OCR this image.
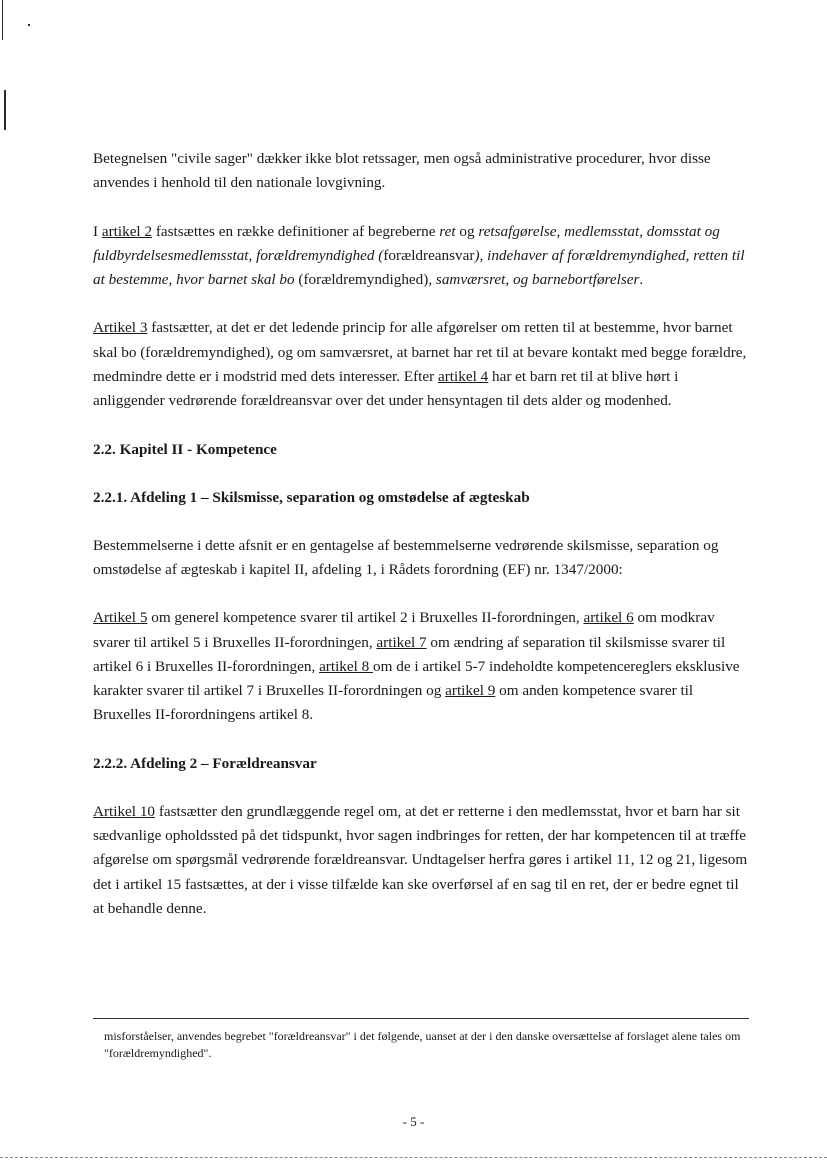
Betegnelsen "civile sager" dækker ikke blot retssager, men også administrative procedurer, hvor disse anvendes i henhold til den nationale lovgivning.

I artikel 2 fastsættes en række definitioner af begreberne ret og retsafgørelse, medlemsstat, domsstat og fuldbyrdelsesmedlemsstat, forældremyndighed (forældreansvar), indehaver af forældremyndighed, retten til at bestemme, hvor barnet skal bo (forældremyndighed), samværsret, og barnebortførelser.

Artikel 3 fastsætter, at det er det ledende princip for alle afgørelser om retten til at bestemme, hvor barnet skal bo (forældremyndighed), og om samværsret, at barnet har ret til at bevare kontakt med begge forældre, medmindre dette er i modstrid med dets interesser. Efter artikel 4 har et barn ret til at blive hørt i anliggender vedrørende forældreansvar over det under hensyntagen til dets alder og modenhed.

2.2. Kapitel II - Kompetence

2.2.1. Afdeling 1 – Skilsmisse, separation og omstødelse af ægteskab

Bestemmelserne i dette afsnit er en gentagelse af bestemmelserne vedrørende skilsmisse, separation og omstødelse af ægteskab i kapitel II, afdeling 1, i Rådets forordning (EF) nr. 1347/2000:

Artikel 5 om generel kompetence svarer til artikel 2 i Bruxelles II-forordningen, artikel 6 om modkrav svarer til artikel 5 i Bruxelles II-forordningen, artikel 7 om ændring af separation til skilsmisse svarer til artikel 6 i Bruxelles II-forordningen, artikel 8 om de i artikel 5-7 indeholdte kompetencereglers eksklusive karakter svarer til artikel 7 i Bruxelles II-forordningen og artikel 9 om anden kompetence svarer til Bruxelles II-forordningens artikel 8.

2.2.2. Afdeling 2 – Forældreansvar

Artikel 10 fastsætter den grundlæggende regel om, at det er retterne i den medlemsstat, hvor et barn har sit sædvanlige opholdssted på det tidspunkt, hvor sagen indbringes for retten, der har kompetencen til at træffe afgørelse om spørgsmål vedrørende forældreansvar. Undtagelser herfra gøres i artikel 11, 12 og 21, ligesom det i artikel 15 fastsættes, at der i visse tilfælde kan ske overførsel af en sag til en ret, der er bedre egnet til at behandle denne.

misforståelser, anvendes begrebet "forældreansvar" i det følgende, uanset at der i den danske oversættelse af forslaget alene tales om "forældremyndighed".

- 5 -
